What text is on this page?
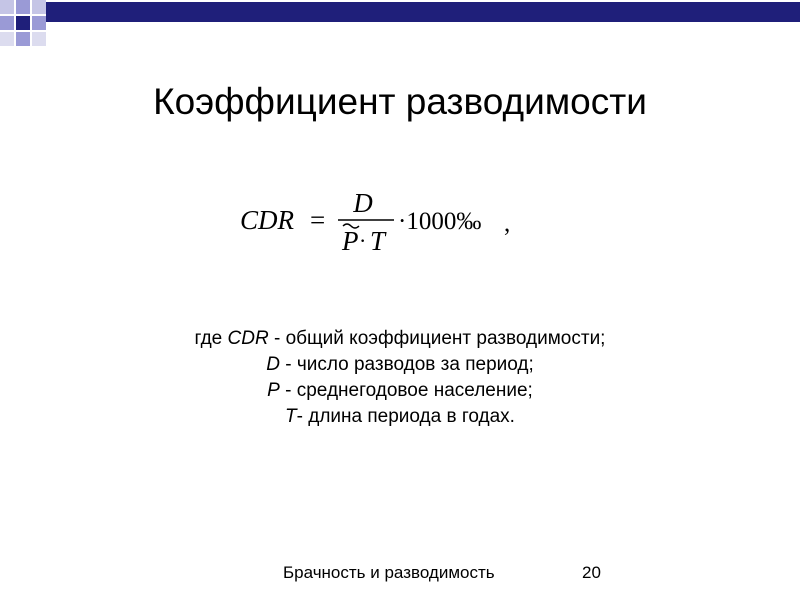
Коэффициент разводимости
CDR =
D
P · T
·1000‰ ,
где CDR - общий коэффициент разводимости;
D - число разводов за период;
P - среднегодовое население;
T- длина периода в годах.
Брачность и разводимость	20
